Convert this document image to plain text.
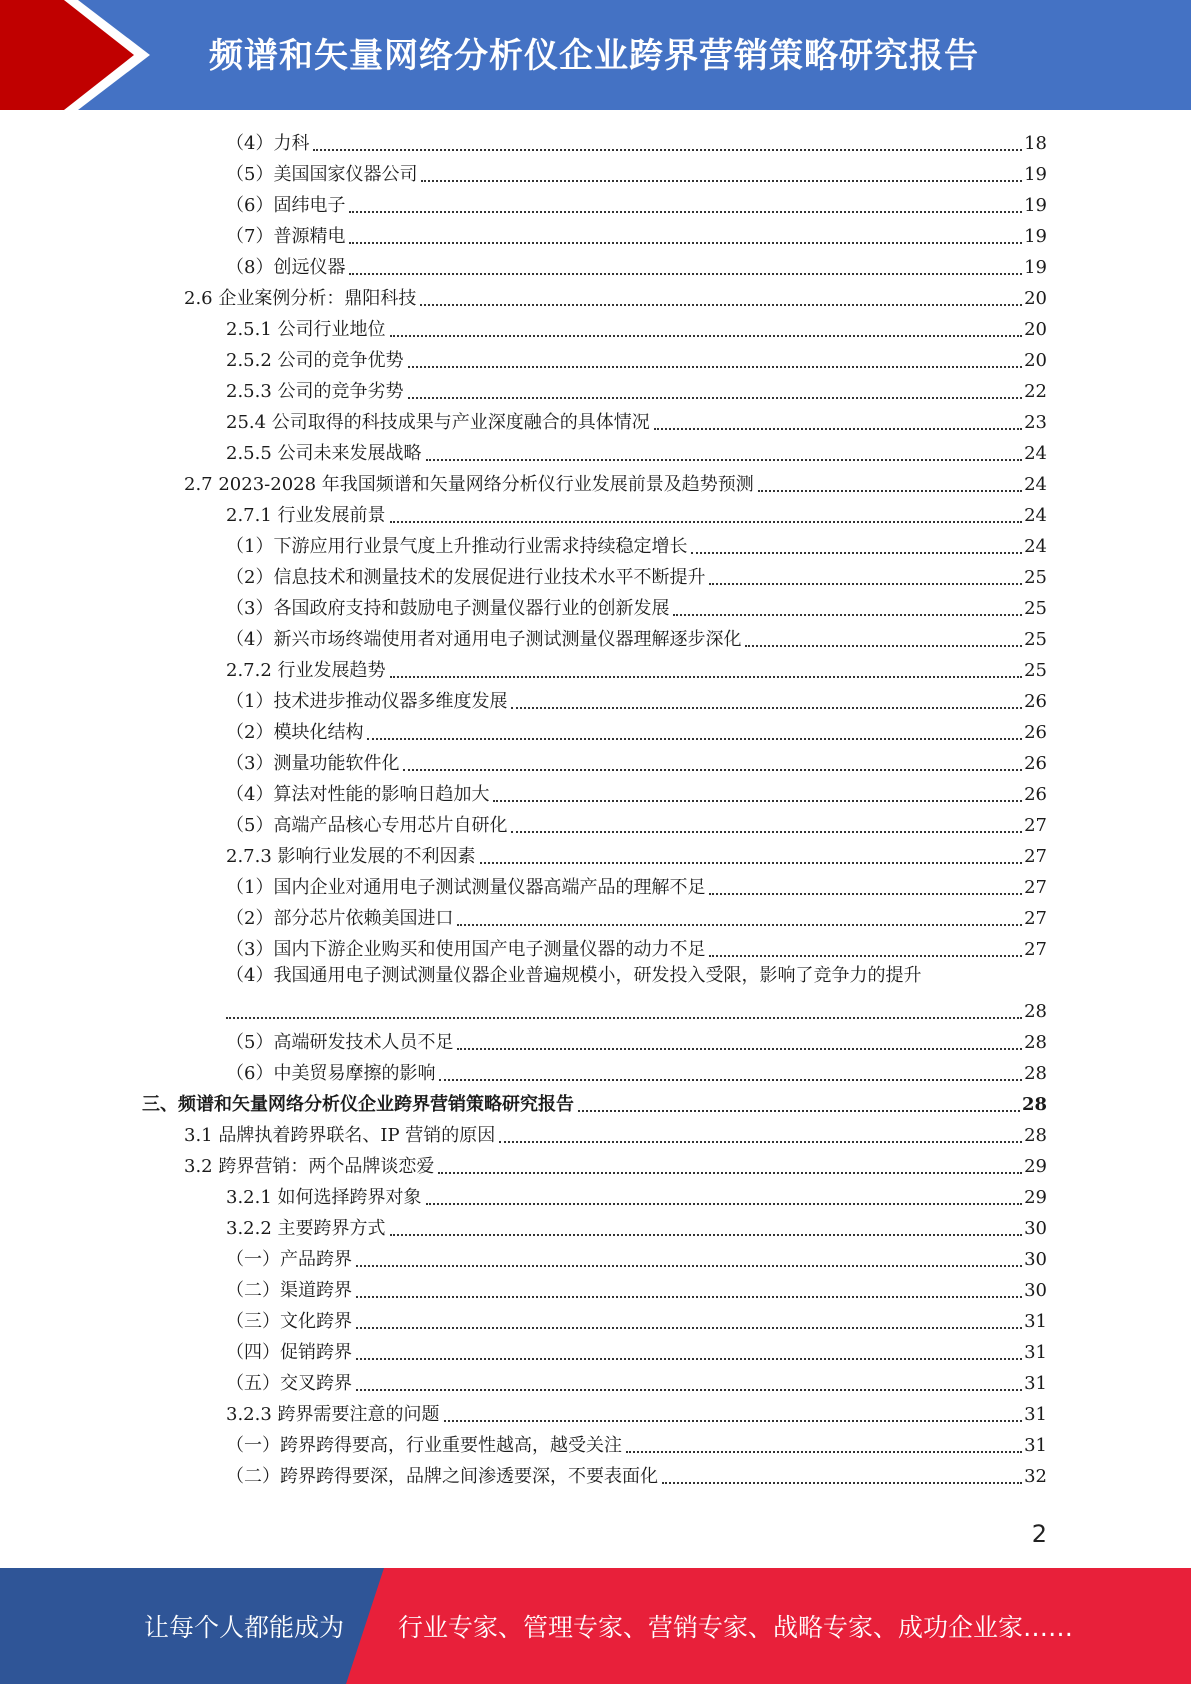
频谱和矢量网络分析仪企业跨界营销策略研究报告
（4）力科	18
（5）美国国家仪器公司	19
（6）固纬电子	19
（7）普源精电	19
（8）创远仪器	19
2.6 企业案例分析：鼎阳科技	20
2.5.1 公司行业地位	20
2.5.2 公司的竞争优势	20
2.5.3 公司的竞争劣势	22
25.4 公司取得的科技成果与产业深度融合的具体情况	23
2.5.5 公司未来发展战略	24
2.7 2023-2028 年我国频谱和矢量网络分析仪行业发展前景及趋势预测	24
2.7.1 行业发展前景	24
（1）下游应用行业景气度上升推动行业需求持续稳定增长	24
（2）信息技术和测量技术的发展促进行业技术水平不断提升	25
（3）各国政府支持和鼓励电子测量仪器行业的创新发展	25
（4）新兴市场终端使用者对通用电子测试测量仪器理解逐步深化	25
2.7.2 行业发展趋势	25
（1）技术进步推动仪器多维度发展	26
（2）模块化结构	26
（3）测量功能软件化	26
（4）算法对性能的影响日趋加大	26
（5）高端产品核心专用芯片自研化	27
2.7.3 影响行业发展的不利因素	27
（1）国内企业对通用电子测试测量仪器高端产品的理解不足	27
（2）部分芯片依赖美国进口	27
（3）国内下游企业购买和使用国产电子测量仪器的动力不足	27
（4）我国通用电子测试测量仪器企业普遍规模小，研发投入受限，影响了竞争力的提升
28
（5）高端研发技术人员不足	28
（6）中美贸易摩擦的影响	28
三、频谱和矢量网络分析仪企业跨界营销策略研究报告	28
3.1 品牌执着跨界联名、IP 营销的原因	28
3.2 跨界营销：两个品牌谈恋爱	29
3.2.1 如何选择跨界对象	29
3.2.2 主要跨界方式	30
（一）产品跨界	30
（二）渠道跨界	30
（三）文化跨界	31
（四）促销跨界	31
（五）交叉跨界	31
3.2.3 跨界需要注意的问题	31
（一）跨界跨得要高，行业重要性越高，越受关注	31
（二）跨界跨得要深，品牌之间渗透要深，不要表面化	32
2
让每个人都能成为 行业专家、管理专家、营销专家、战略专家、成功企业家……
